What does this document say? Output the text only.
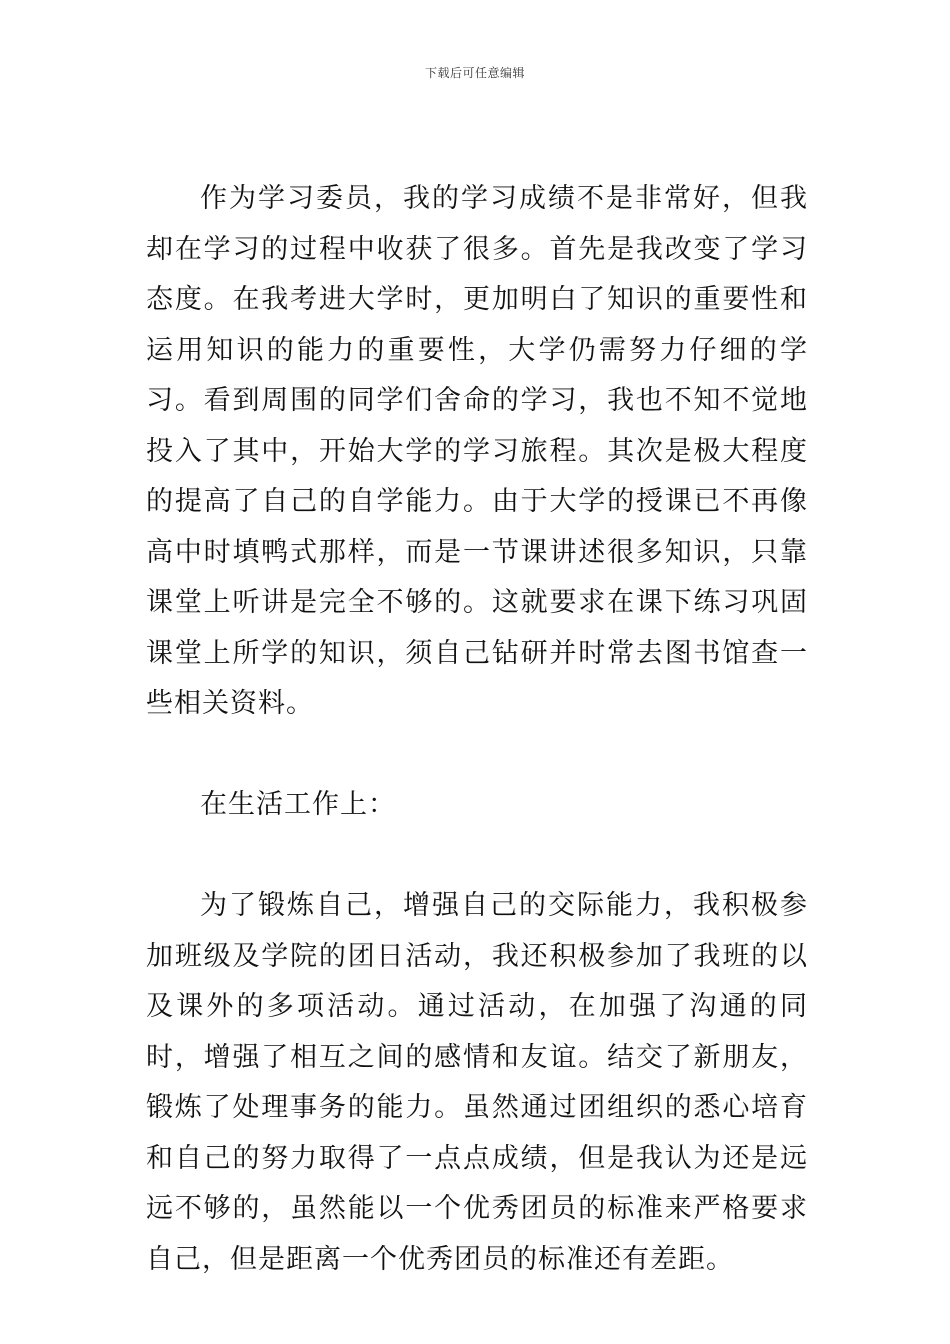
下载后可任意编辑

作为学习委员，我的学习成绩不是非常好，但我却在学习的过程中收获了很多。首先是我改变了学习态度。在我考进大学时，更加明白了知识的重要性和运用知识的能力的重要性，大学仍需努力仔细的学习。看到周围的同学们舍命的学习，我也不知不觉地投入了其中，开始大学的学习旅程。其次是极大程度的提高了自己的自学能力。由于大学的授课已不再像高中时填鸭式那样，而是一节课讲述很多知识，只靠课堂上听讲是完全不够的。这就要求在课下练习巩固课堂上所学的知识，须自己钻研并时常去图书馆查一些相关资料。

在生活工作上：

为了锻炼自己，增强自己的交际能力，我积极参加班级及学院的团日活动，我还积极参加了我班的以及课外的多项活动。通过活动，在加强了沟通的同时，增强了相互之间的感情和友谊。结交了新朋友，锻炼了处理事务的能力。虽然通过团组织的悉心培育和自己的努力取得了一点点成绩，但是我认为还是远远不够的，虽然能以一个优秀团员的标准来严格要求自己，但是距离一个优秀团员的标准还有差距。
